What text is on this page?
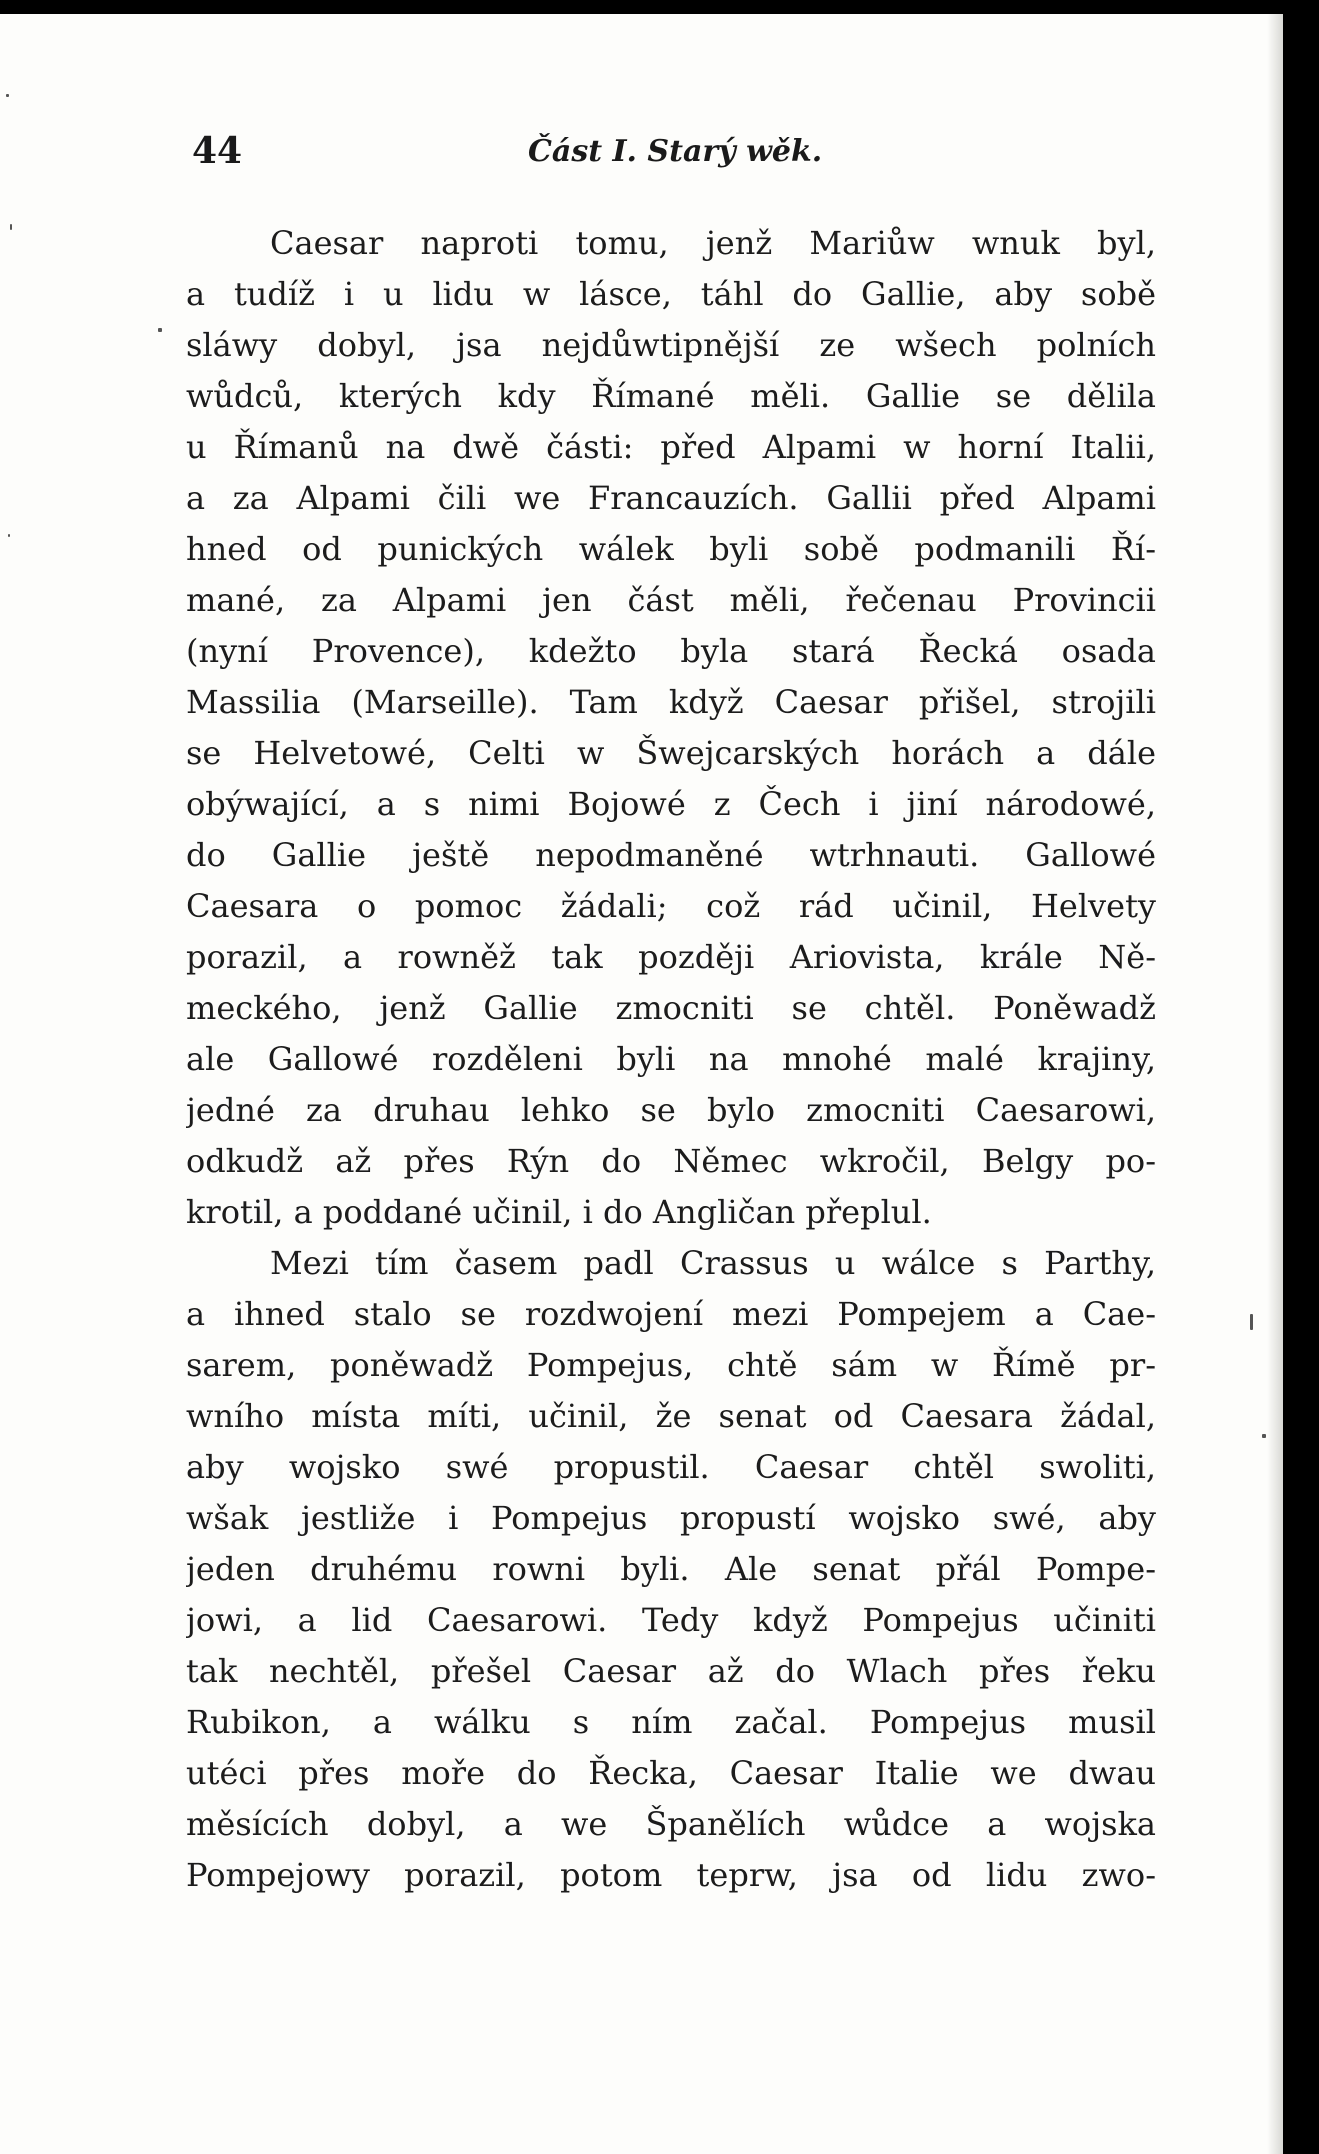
44	Část I. Starý wěk.
Caesar naproti tomu, jenž Mariůw wnuk byl,
a tudíž i u lidu w lásce, táhl do Gallie, aby sobě
sláwy dobyl, jsa nejdůwtipnější ze wšech polních
wůdců, kterých kdy Římané měli. Gallie se dělila
u Římanů na dwě části: před Alpami w horní Italii,
a za Alpami čili we Francauzích. Gallii před Alpami
hned od punických wálek byli sobě podmanili Ří-
mané, za Alpami jen část měli, řečenau Provincii
(nyní Provence), kdežto byla stará Řecká osada
Massilia (Marseille). Tam když Caesar přišel, strojili
se Helvetowé, Celti w Šwejcarských horách a dále
obýwající, a s nimi Bojowé z Čech i jiní národowé,
do Gallie ještě nepodmaněné wtrhnauti. Gallowé
Caesara o pomoc žádali; což rád učinil, Helvety
porazil, a rowněž tak později Ariovista, krále Ně-
meckého, jenž Gallie zmocniti se chtěl. Poněwadž
ale Gallowé rozděleni byli na mnohé malé krajiny,
jedné za druhau lehko se bylo zmocniti Caesarowi,
odkudž až přes Rýn do Němec wkročil, Belgy po-
krotil, a poddané učinil, i do Angličan přeplul.
Mezi tím časem padl Crassus u wálce s Parthy,
a ihned stalo se rozdwojení mezi Pompejem a Cae-
sarem, poněwadž Pompejus, chtě sám w Římě pr-
wního místa míti, učinil, že senat od Caesara žádal,
aby wojsko swé propustil. Caesar chtěl swoliti,
wšak jestliže i Pompejus propustí wojsko swé, aby
jeden druhému rowni byli. Ale senat přál Pompe-
jowi, a lid Caesarowi. Tedy když Pompejus učiniti
tak nechtěl, přešel Caesar až do Wlach přes řeku
Rubikon, a wálku s ním začal. Pompejus musil
utéci přes moře do Řecka, Caesar Italie we dwau
měsících dobyl, a we Španělích wůdce a wojska
Pompejowy porazil, potom teprw, jsa od lidu zwo-
